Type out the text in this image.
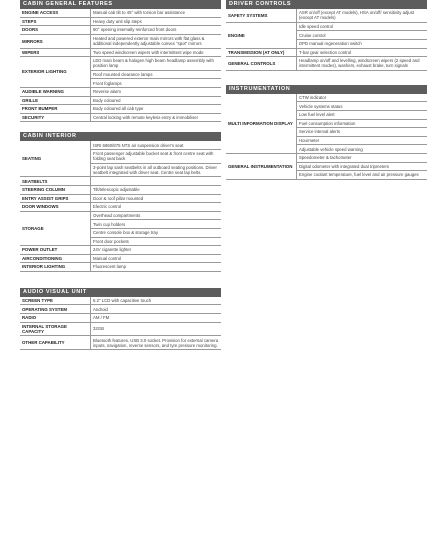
CABIN GENERAL FEATURES
ENGINE ACCESS	Manual cab tilt to 45° with torsion bar assistance
STEPS	Heavy duty anti slip steps
DOORS	90° opening internally reinforced front doors
MIRRORS	Heated and powered exterior main mirrors with flat glass & additional independently adjustable convex “spot” mirrors
WIPERS	Two speed windscreen wipers with intermittent wipe mode
EXTERIOR LIGHTING	LED main beam & halogen high beam headlamp assembly with position lamp
	Roof mounted clearance lamps
	Front foglamps
AUDIBLE WARNING	Reverse alarm
GRILLE	Body coloured
FRONT BUMPER	Body coloured all cab type
SECURITY	Central locking with remote keyless entry & immobiliser
CABIN INTERIOR
SEATING	ISRI 6860/875 NTS air suspension driver's seat
	Front passenger adjustable bucket seat & front centre seat with folding seat back
	3-point lap sash seatbelts in all outboard seating positions. Driver seatbelt integrated with driver seat. Centre seat lap belts.
SEATBELTS	
STEERING COLUMN	Tilt/telescopic adjustable
ENTRY ASSIST GRIPS	Door & roof pillar mounted
DOOR WINDOWS	Electric control
STORAGE	Overhead compartments
	Twin cup holders
	Centre console box & storage tray
	Front door pockets
POWER OUTLET	24V cigarette lighter
AIRCONDITIONING	Manual control
INTERIOR LIGHTING	Fluorescent lamp
AUDIO VISUAL UNIT
SCREEN TYPE	6.2" LCD with capacitive touch
OPERATING SYSTEM	Android
RADIO	AM / FM
INTERNAL STORAGE CAPACITY	32GB
OTHER CAPABILITY	Bluetooth features, USB 3.0 socket. Provision for external camera inputs, navigation, reverse sensors, and tyre pressure monitoring.
DRIVER CONTROLS
SAFETY SYSTEMS	ASR on/off (except AT models), HSA on/off/ sensitivity adjust (except AT models)
ENGINE	Idle speed control
	Cruise control
	DPD manual regeneration switch
TRANSMISSION (AT ONLY)	T-bar gear selection control
GENERAL CONTROLS	Headlamp on/off and levelling, windscreen wipers (2 speed and intermittent modes), washers, exhaust brake, turn signals
INSTRUMENTATION
MULTI INFORMATION DISPLAY	CTW indicator
	Vehicle systems status
	Low fuel level alert
	Fuel consumption information
	Service interval alerts
	Hourmeter
	Adjustable vehicle speed warning
GENERAL INSTRUMENTATION	Speedometer & tachometer
	Digital odometer with integrated dual tripmeters
	Engine coolant temperature, fuel level and air pressure gauges
